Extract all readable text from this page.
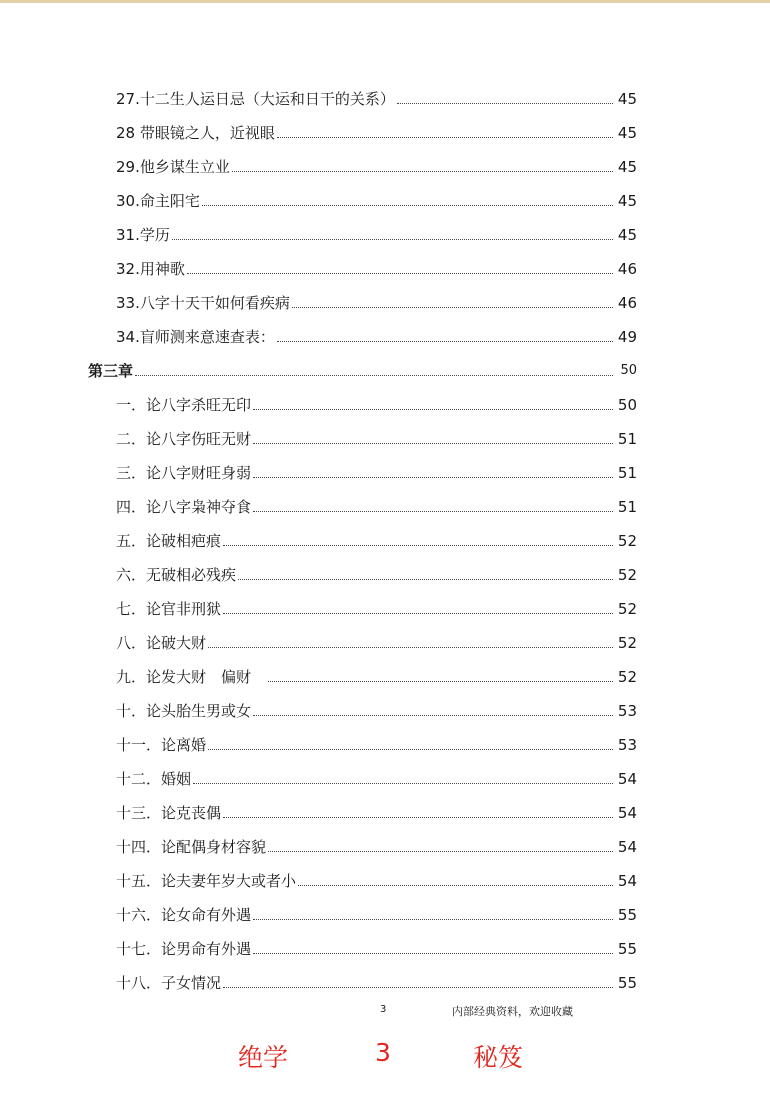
27.十二生人运日忌（大运和日干的关系）	45
28 带眼镜之人，近视眼	45
29.他乡谋生立业	45
30.命主阳宅	45
31.学历	45
32.用神歌	46
33.八字十天干如何看疾病	46
34.盲师测来意速查表：	49
第三章	50
一．论八字杀旺无印	50
二．论八字伤旺无财	51
三．论八字财旺身弱	51
四．论八字枭神夺食	51
五．论破相疤痕	52
六．无破相必残疾	52
七．论官非刑狱	52
八．论破大财	52
九．论发大财　偏财　	52
十．论头胎生男或女	53
十一．论离婚	53
十二．婚姻	54
十三．论克丧偶	54
十四．论配偶身材容貌	54
十五．论夫妻年岁大或者小	54
十六．论女命有外遇	55
十七．论男命有外遇	55
十八．子女情况	55
3	内部经典资料，欢迎收藏
绝学	3	秘笈
